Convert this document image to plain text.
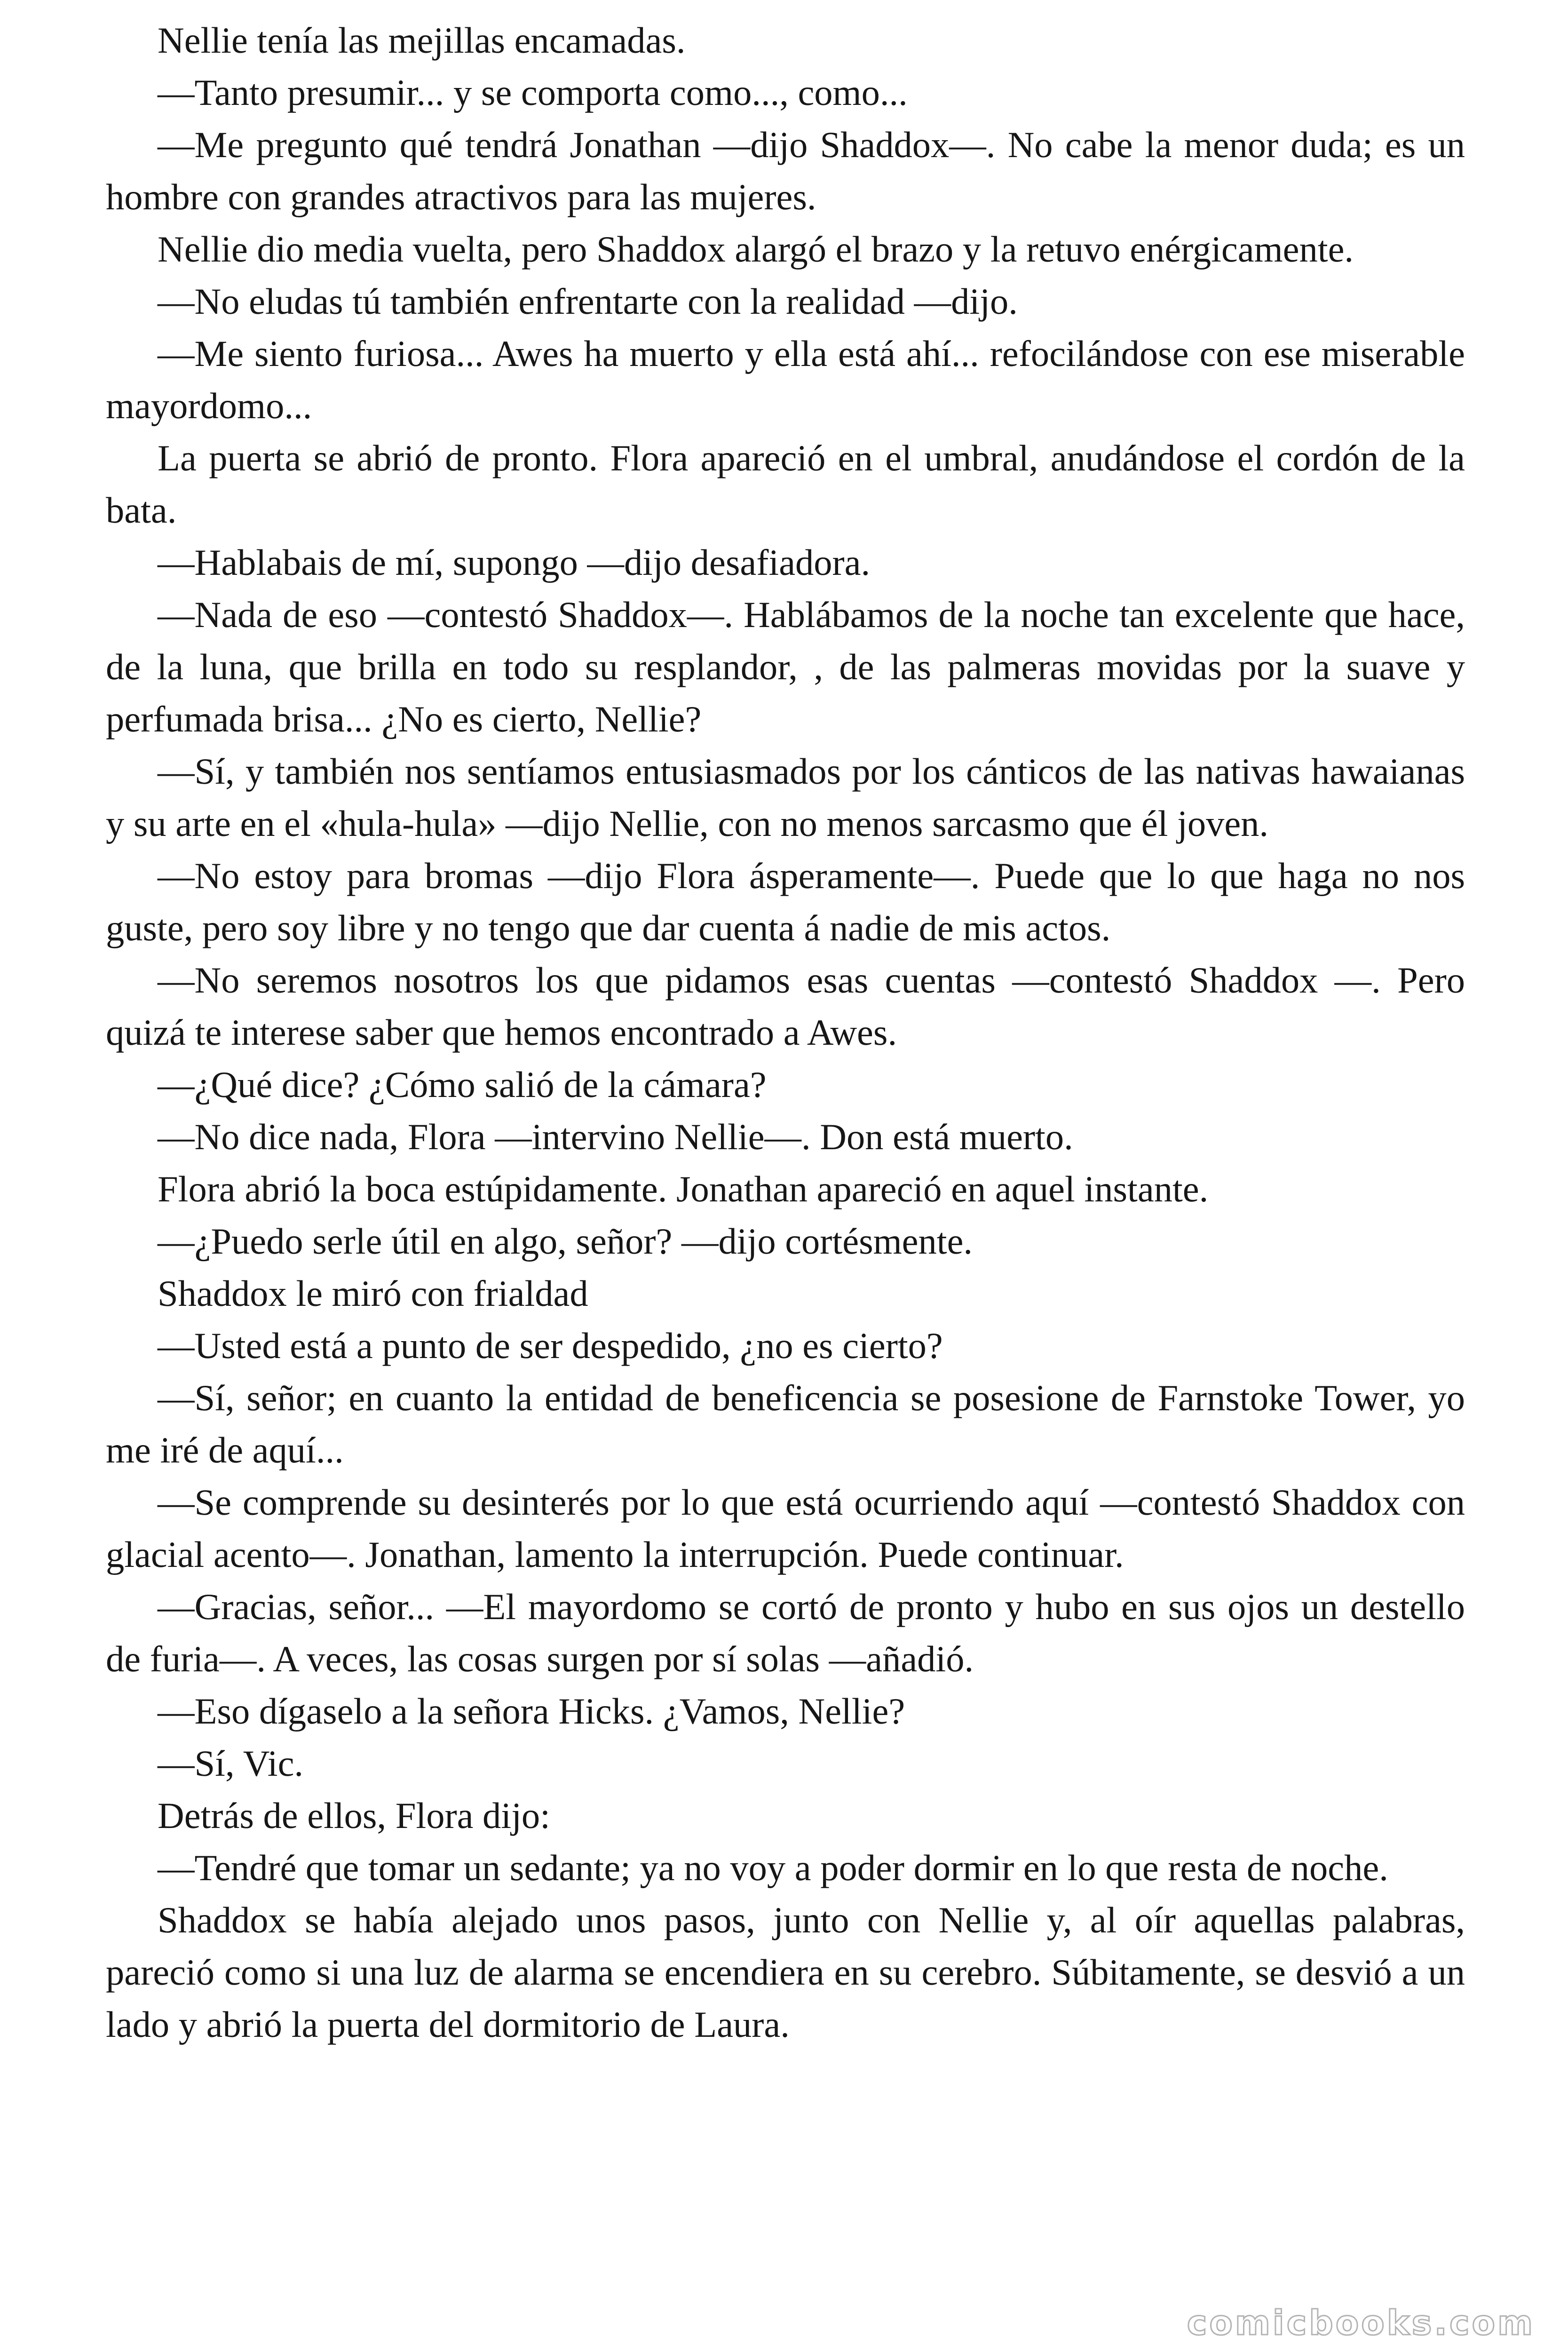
Nellie tenía las mejillas encamadas.

—Tanto presumir... y se comporta como..., como...

—Me pregunto qué tendrá Jonathan —dijo Shaddox—. No cabe la menor duda; es un hombre con grandes atractivos para las mujeres.

Nellie dio media vuelta, pero Shaddox alargó el brazo y la retuvo enérgicamente.

—No eludas tú también enfrentarte con la realidad —dijo.

—Me siento furiosa... Awes ha muerto y ella está ahí... refocilándose con ese miserable mayordomo...

La puerta se abrió de pronto. Flora apareció en el umbral, anudándose el cordón de la bata.

—Hablabais de mí, supongo —dijo desafiadora.

—Nada de eso —contestó Shaddox—. Hablábamos de la noche tan excelente que hace, de la luna, que brilla en todo su resplandor, , de las palmeras movidas por la suave y perfumada brisa... ¿No es cierto, Nellie?

—Sí, y también nos sentíamos entusiasmados por los cánticos de las nativas hawaianas y su arte en el «hula-hula» —dijo Nellie, con no menos sarcasmo que él joven.

—No estoy para bromas —dijo Flora ásperamente—. Puede que lo que haga no nos guste, pero soy libre y no tengo que dar cuenta á nadie de mis actos.

—No seremos nosotros los que pidamos esas cuentas —contestó Shaddox —. Pero quizá te interese saber que hemos encontrado a Awes.

—¿Qué dice? ¿Cómo salió de la cámara?

—No dice nada, Flora —intervino Nellie—. Don está muerto.

Flora abrió la boca estúpidamente. Jonathan apareció en aquel instante.

—¿Puedo serle útil en algo, señor? —dijo cortésmente.

Shaddox le miró con frialdad

—Usted está a punto de ser despedido, ¿no es cierto?

—Sí, señor; en cuanto la entidad de beneficencia se posesione de Farnstoke Tower, yo me iré de aquí...

—Se comprende su desinterés por lo que está ocurriendo aquí —contestó Shaddox con glacial acento—. Jonathan, lamento la interrupción. Puede continuar.

—Gracias, señor... —El mayordomo se cortó de pronto y hubo en sus ojos un destello de furia—. A veces, las cosas surgen por sí solas —añadió.

—Eso dígaselo a la señora Hicks. ¿Vamos, Nellie?

—Sí, Vic.

Detrás de ellos, Flora dijo:

—Tendré que tomar un sedante; ya no voy a poder dormir en lo que resta de noche.

Shaddox se había alejado unos pasos, junto con Nellie y, al oír aquellas palabras, pareció como si una luz de alarma se encendiera en su cerebro. Súbitamente, se desvió a un lado y abrió la puerta del dormitorio de Laura.

comicbooks.com
